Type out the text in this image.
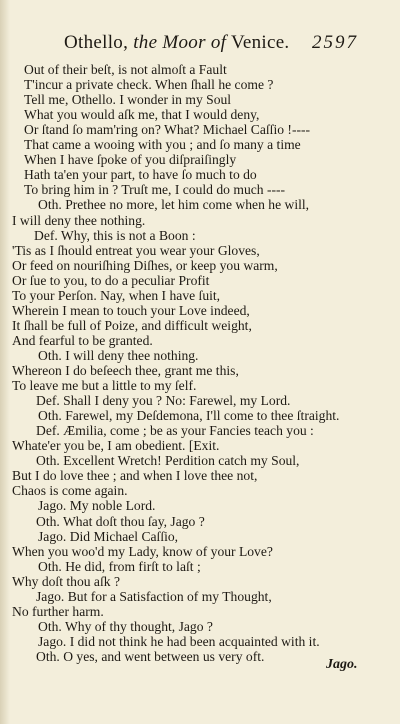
Othello, the Moor of Venice. 2597
Out of their beſt, is not almoſt a Fault
T'incur a private check. When ſhall he come ?
Tell me, Othello. I wonder in my Soul
What you would aſk me, that I would deny,
Or ſtand ſo mam'ring on? What? Michael Caſſio !----
That came a wooing with you ; and ſo many a time
When I have ſpoke of you diſpraiſingly
Hath ta'en your part, to have ſo much to do
To bring him in ? Truſt me, I could do much ----
Oth. Prethee no more, let him come when he will,
I will deny thee nothing.
Def. Why, this is not a Boon :
'Tis as I ſhould entreat you wear your Gloves,
Or feed on nouriſhing Diſhes, or keep you warm,
Or ſue to you, to do a peculiar Profit
To your Perſon. Nay, when I have ſuit,
Wherein I mean to touch your Love indeed,
It ſhall be full of Poize, and difficult weight,
And fearful to be granted.
Oth. I will deny thee nothing.
Whereon I do beſeech thee, grant me this,
To leave me but a little to my ſelf.
Def. Shall I deny you ? No: Farewel, my Lord.
Oth. Farewel, my Deſdemona, I'll come to thee ſtraight.
Def. Æmilia, come ; be as your Fancies teach you :
Whate'er you be, I am obedient. [Exit.
Oth. Excellent Wretch! Perdition catch my Soul,
But I do love thee ; and when I love thee not,
Chaos is come again.
Jago. My noble Lord.
Oth. What doſt thou ſay, Jago ?
Jago. Did Michael Caſſio,
When you woo'd my Lady, know of your Love?
Oth. He did, from firſt to laſt ;
Why doſt thou aſk ?
Jago. But for a Satisfaction of my Thought,
No further harm.
Oth. Why of thy thought, Jago ?
Jago. I did not think he had been acquainted with it.
Oth. O yes, and went between us very oft.
Jago.
